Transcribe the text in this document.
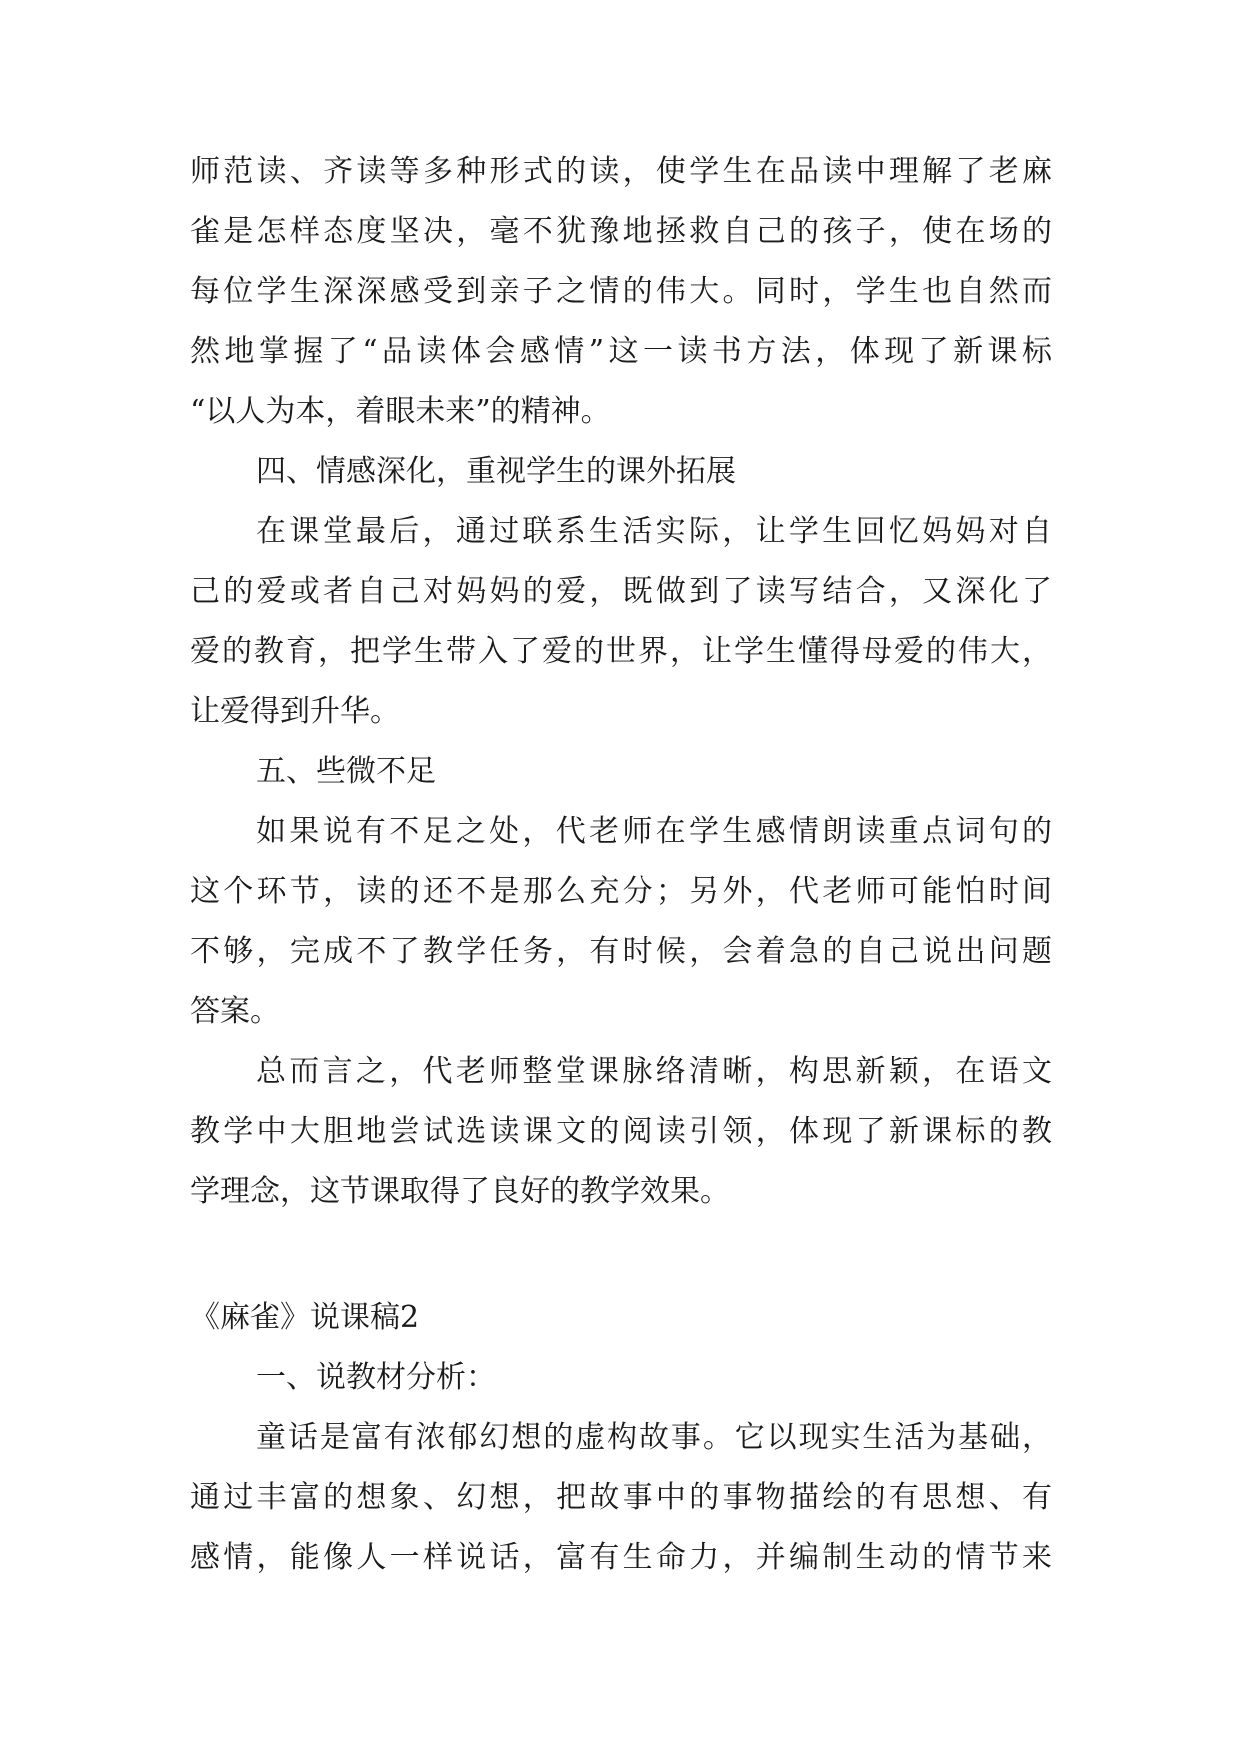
师范读、齐读等多种形式的读，使学生在品读中理解了老麻
雀是怎样态度坚决，毫不犹豫地拯救自己的孩子，使在场的
每位学生深深感受到亲子之情的伟大。同时，学生也自然而
然地掌握了“品读体会感情”这一读书方法，体现了新课标
“以人为本，着眼未来”的精神。
四、情感深化，重视学生的课外拓展
在课堂最后，通过联系生活实际，让学生回忆妈妈对自
己的爱或者自己对妈妈的爱，既做到了读写结合，又深化了
爱的教育，把学生带入了爱的世界，让学生懂得母爱的伟大，
让爱得到升华。
五、些微不足
如果说有不足之处，代老师在学生感情朗读重点词句的
这个环节，读的还不是那么充分；另外，代老师可能怕时间
不够，完成不了教学任务，有时候，会着急的自己说出问题
答案。
总而言之，代老师整堂课脉络清晰，构思新颖，在语文
教学中大胆地尝试选读课文的阅读引领，体现了新课标的教
学理念，这节课取得了良好的教学效果。
《麻雀》说课稿2
一、说教材分析：
童话是富有浓郁幻想的虚构故事。它以现实生活为基础，
通过丰富的想象、幻想，把故事中的事物描绘的有思想、有
感情，能像人一样说话，富有生命力，并编制生动的情节来
